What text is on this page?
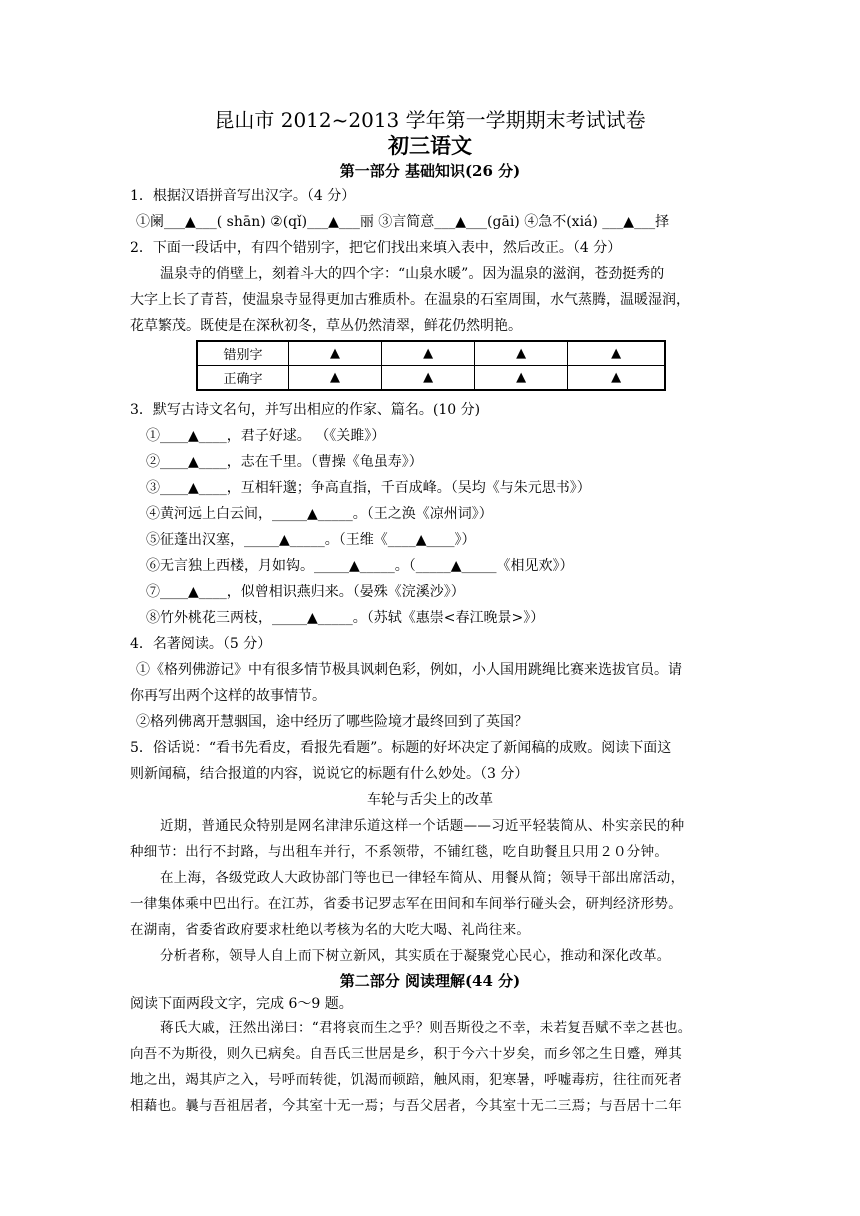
昆山市 2012~2013 学年第一学期期末考试试卷
初三语文
第一部分 基础知识(26 分)
1．根据汉语拼音写出汉字。（4 分）
①阑___▲___( shān) ②(qǐ)___▲___丽 ③言简意___▲___(gāi) ④急不(xiá) ___▲___择
2．下面一段话中，有四个错别字，把它们找出来填入表中，然后改正。（4 分）
温泉寺的俏壁上，刻着斗大的四个字：“山泉水暖”。因为温泉的滋润，苍劲挺秀的
大字上长了青苔，使温泉寺显得更加古雅质朴。在温泉的石室周围，水气蒸腾，温暖湿润，
花草繁茂。既使是在深秋初冬，草丛仍然清翠，鲜花仍然明艳。
错别字	▲	▲	▲	▲
正确字	▲	▲	▲	▲
3．默写古诗文名句，并写出相应的作家、篇名。(10 分)
①____▲____，君子好逑。 （《关雎》）
②____▲____，志在千里。（曹操《龟虽寿》）
③____▲____，互相轩邈；争高直指，千百成峰。（吴均《与朱元思书》）
④黄河远上白云间，_____▲_____。（王之涣《凉州词》）
⑤征蓬出汉塞，_____▲_____。（王维《____▲____》）
⑥无言独上西楼，月如钩。_____▲_____。（_____▲_____《相见欢》）
⑦____▲____，似曾相识燕归来。（晏殊《浣溪沙》）
⑧竹外桃花三两枝，_____▲_____。（苏轼《惠崇<春江晚景>》）
4．名著阅读。（5 分）
①《格列佛游记》中有很多情节极具讽刺色彩，例如，小人国用跳绳比赛来选拔官员。请
你再写出两个这样的故事情节。
②格列佛离开慧骃国，途中经历了哪些险境才最终回到了英国？
5．俗话说：“看书先看皮，看报先看题”。标题的好坏决定了新闻稿的成败。阅读下面这
则新闻稿，结合报道的内容，说说它的标题有什么妙处。（3 分）
车轮与舌尖上的改革
近期，普通民众特别是网名津津乐道这样一个话题——习近平轻装简从、朴实亲民的种
种细节：出行不封路，与出租车并行，不系领带，不铺红毯，吃自助餐且只用２０分钟。
在上海，各级党政人大政协部门等也已一律轻车简从、用餐从简；领导干部出席活动，
一律集体乘中巴出行。在江苏，省委书记罗志军在田间和车间举行碰头会，研判经济形势。
在湖南，省委省政府要求杜绝以考核为名的大吃大喝、礼尚往来。
分析者称，领导人自上而下树立新风，其实质在于凝聚党心民心，推动和深化改革。
第二部分 阅读理解(44 分)
阅读下面两段文字，完成 6～9 题。
蒋氏大戚，汪然出涕曰：“君将哀而生之乎？则吾斯役之不幸，未若复吾赋不幸之甚也。
向吾不为斯役，则久已病矣。自吾氏三世居是乡，积于今六十岁矣，而乡邻之生日蹙，殚其
地之出，竭其庐之入，号呼而转徙，饥渴而顿踣，触风雨，犯寒暑，呼嘘毒疠，往往而死者
相藉也。曩与吾祖居者，今其室十无一焉；与吾父居者，今其室十无二三焉；与吾居十二年
